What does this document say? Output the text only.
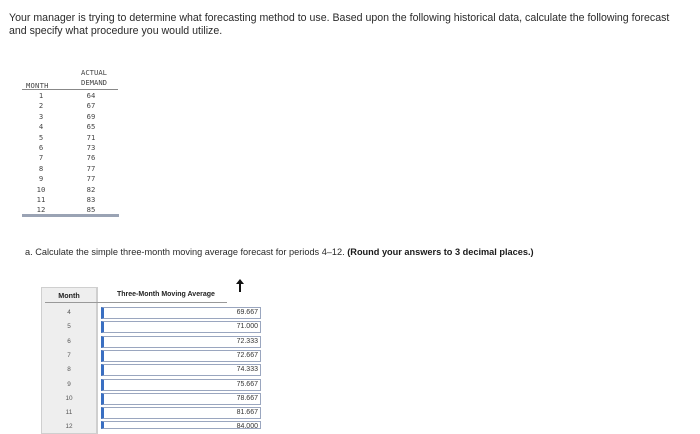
Your manager is trying to determine what forecasting method to use. Based upon the following historical data, calculate the following forecast and specify what procedure you would utilize.
MONTH
ACTUAL
DEMAND
1	64
2	67
3	69
4	65
5	71
6	73
7	76
8	77
9	77
10	82
11	83
12	85
a. Calculate the simple three-month moving average forecast for periods 4–12. (Round your answers to 3 decimal places.)
Month	Three-Month Moving Average
4	69.667
5	71.000
6	72.333
7	72.667
8	74.333
9	75.667
10	78.667
11	81.667
12	84.000
